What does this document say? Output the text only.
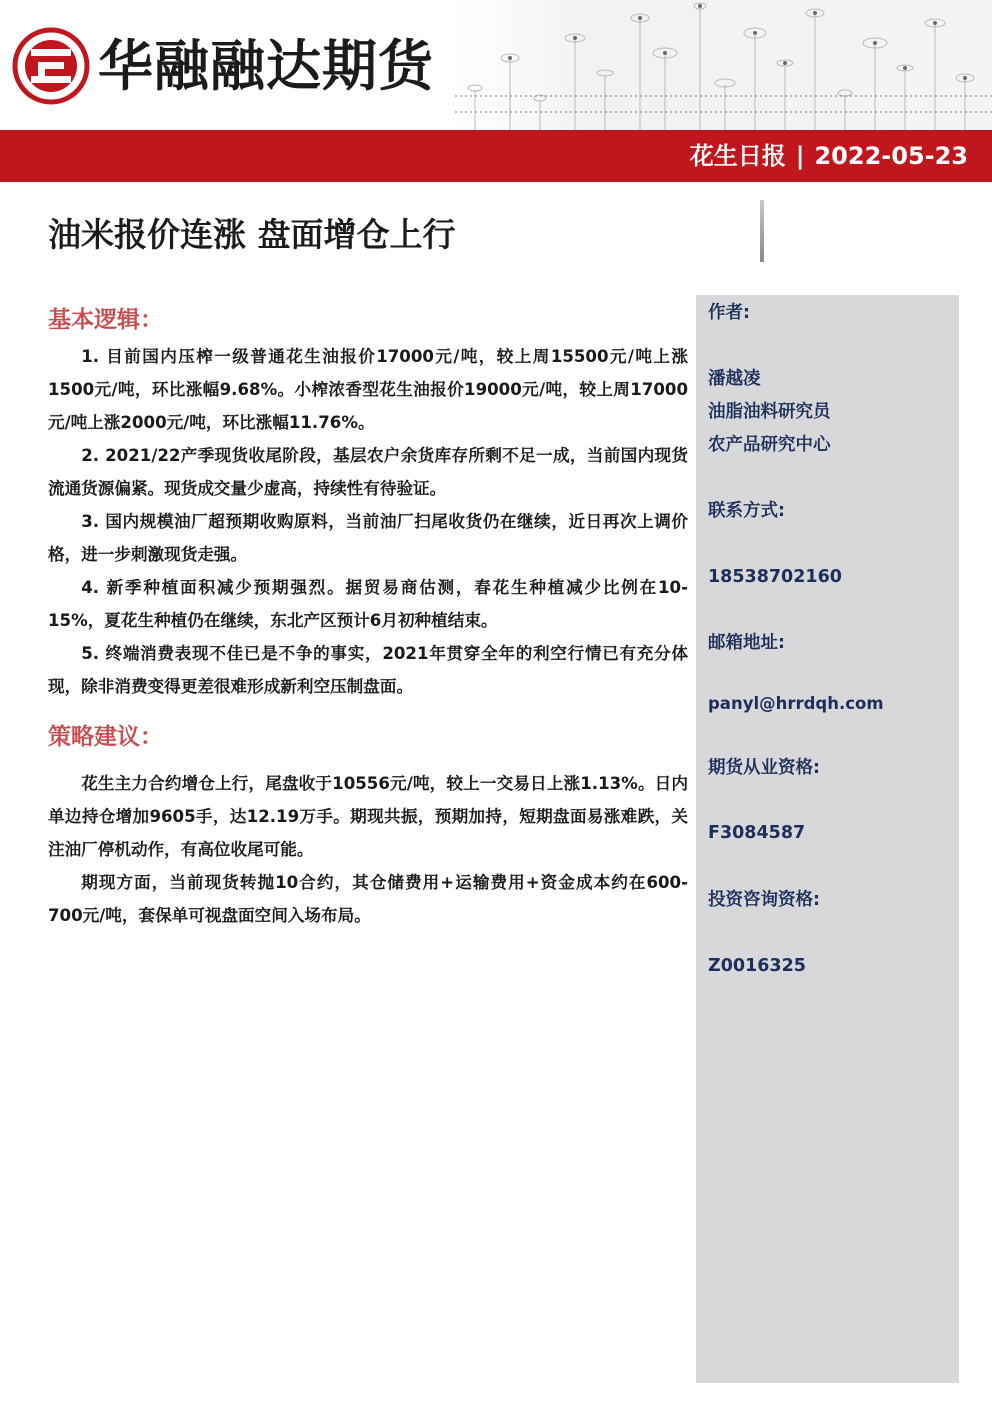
华融融达期货
花生日报 | 2022-05-23
油米报价连涨 盘面增仓上行
基本逻辑：

1. 目前国内压榨一级普通花生油报价17000元/吨，较上周15500元/吨上涨1500元/吨，环比涨幅9.68%。小榨浓香型花生油报价19000元/吨，较上周17000元/吨上涨2000元/吨，环比涨幅11.76%。

2. 2021/22产季现货收尾阶段，基层农户余货库存所剩不足一成，当前国内现货流通货源偏紧。现货成交量少虚高，持续性有待验证。

3. 国内规模油厂超预期收购原料，当前油厂扫尾收货仍在继续，近日再次上调价格，进一步刺激现货走强。

4. 新季种植面积减少预期强烈。据贸易商估测，春花生种植减少比例在10-15%，夏花生种植仍在继续，东北产区预计6月初种植结束。

5. 终端消费表现不佳已是不争的事实，2021年贯穿全年的利空行情已有充分体现，除非消费变得更差很难形成新利空压制盘面。

策略建议：

花生主力合约增仓上行，尾盘收于10556元/吨，较上一交易日上涨1.13%。日内单边持仓增加9605手，达12.19万手。期现共振，预期加持，短期盘面易涨难跌，关注油厂停机动作，有高位收尾可能。

期现方面，当前现货转抛10合约，其仓储费用+运输费用+资金成本约在600-700元/吨，套保单可视盘面空间入场布局。

作者:
潘越凌
油脂油料研究员
农产品研究中心
联系方式:
18538702160
邮箱地址:
panyl@hrrdqh.com
期货从业资格:
F3084587
投资咨询资格:
Z0016325
